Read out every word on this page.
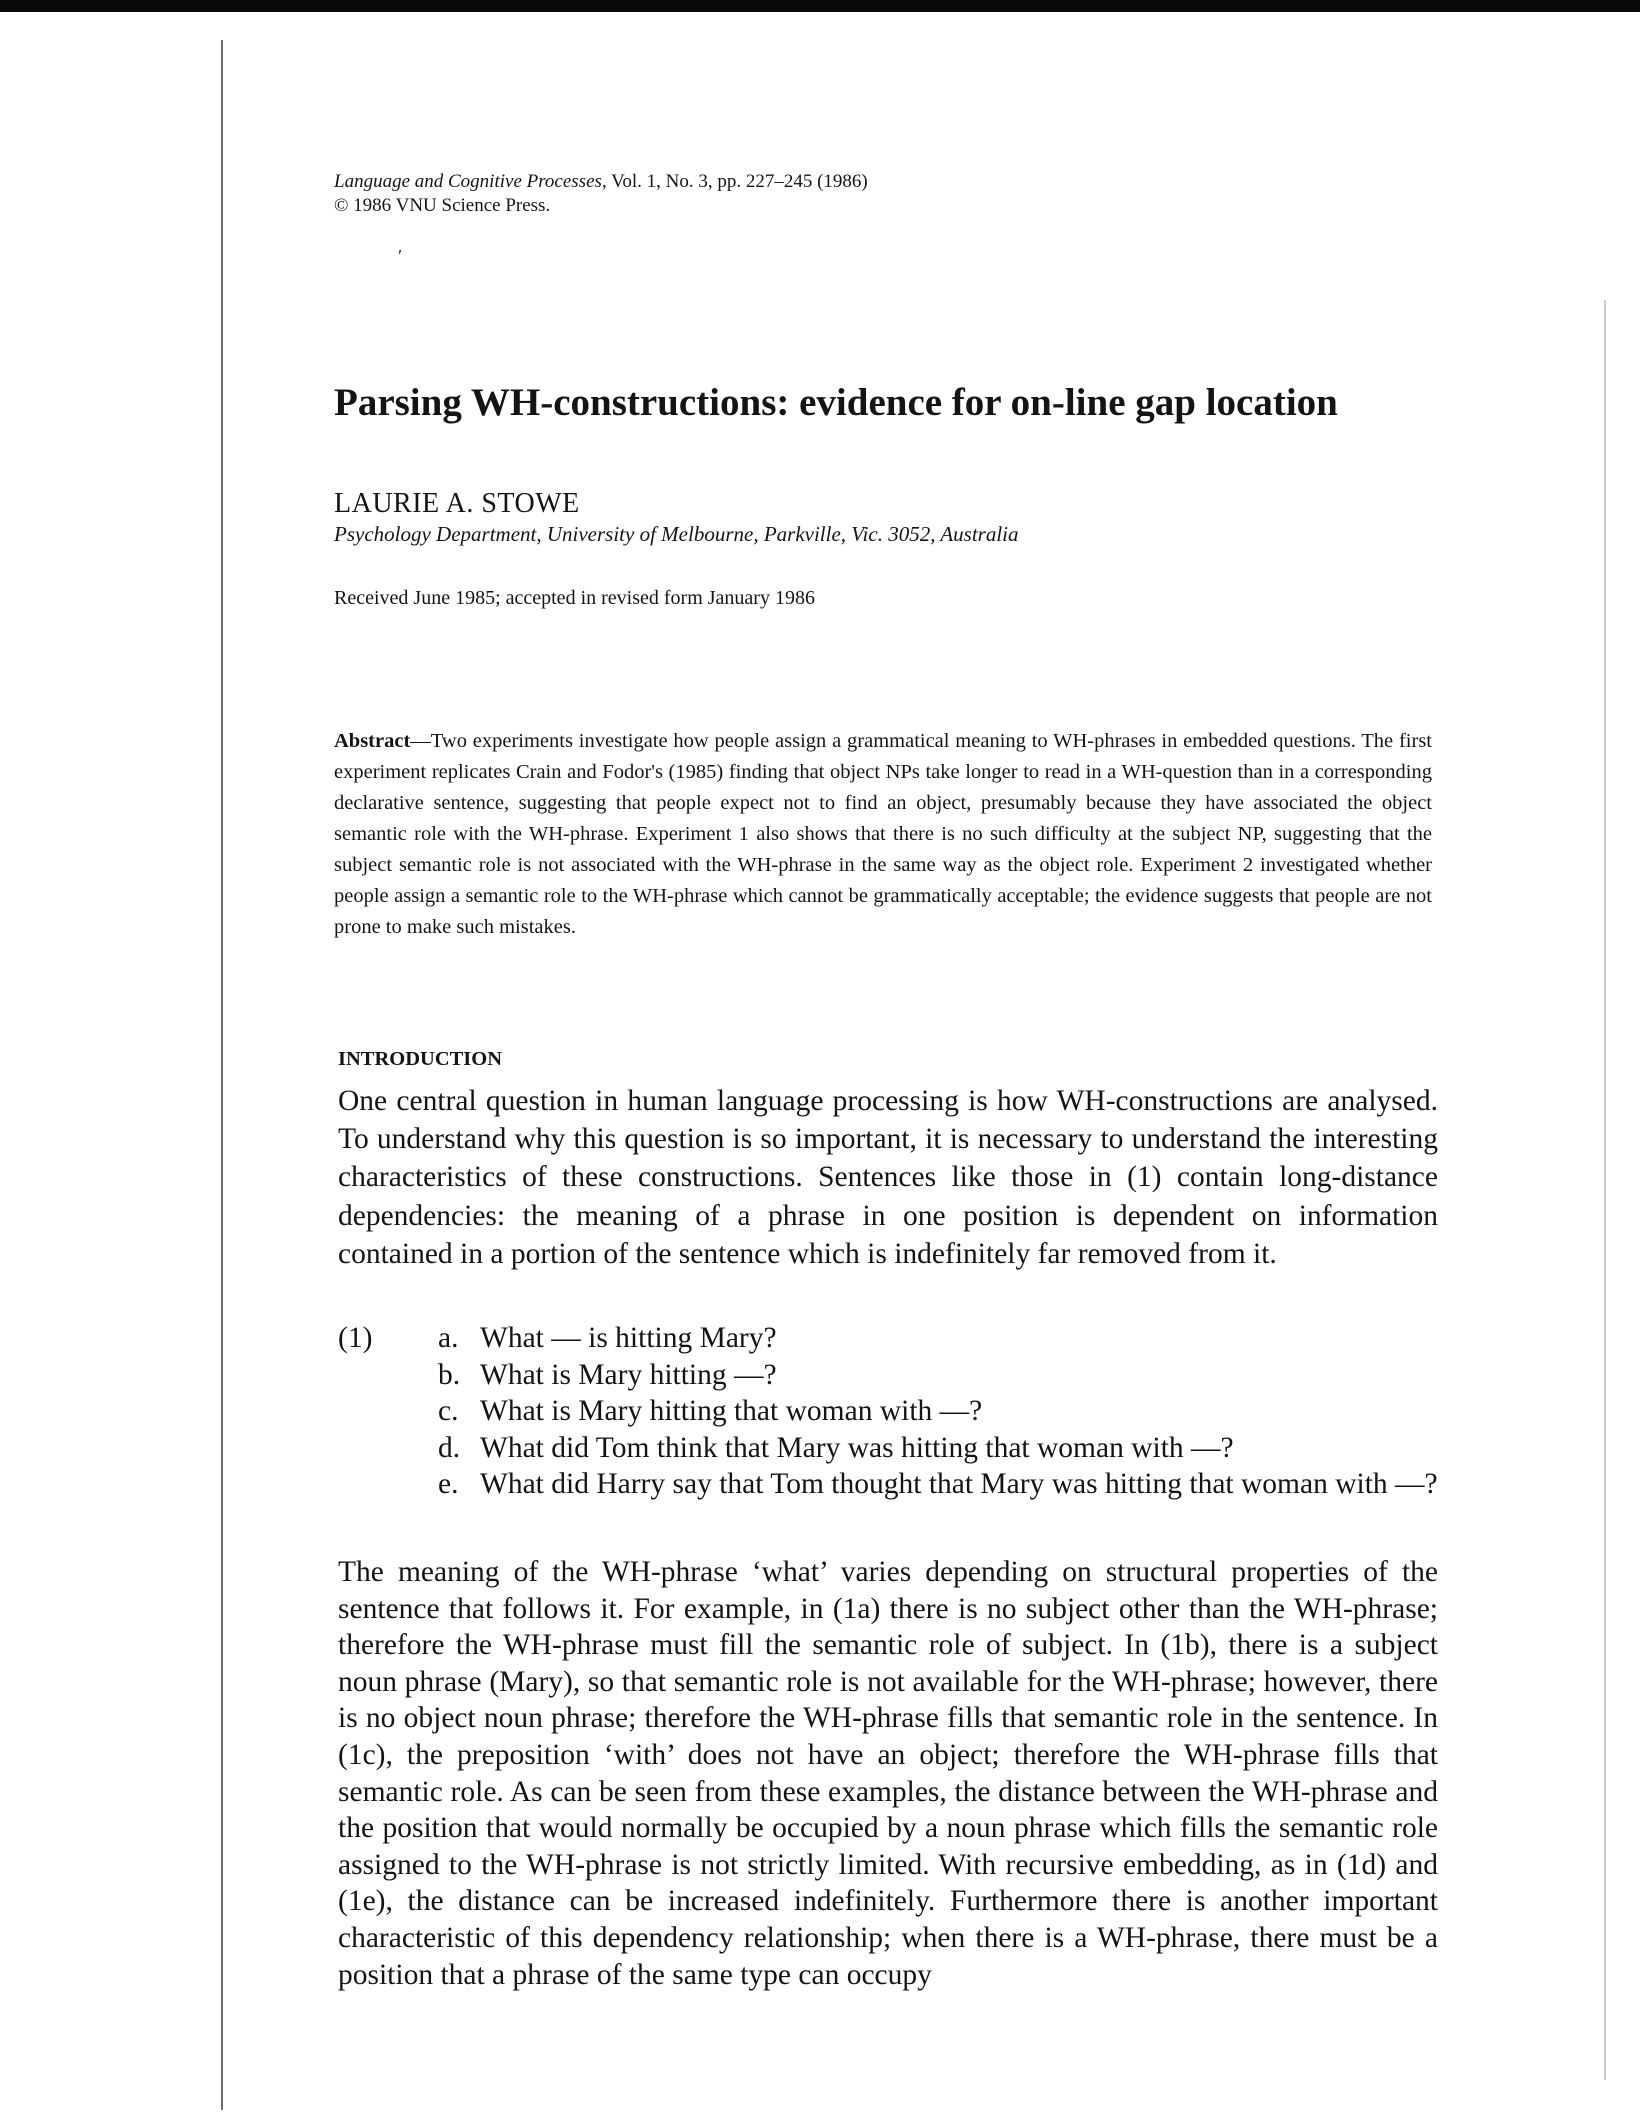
Language and Cognitive Processes, Vol. 1, No. 3, pp. 227–245 (1986)
© 1986 VNU Science Press.
'
Parsing WH-constructions: evidence for on-line gap location
LAURIE A. STOWE
Psychology Department, University of Melbourne, Parkville, Vic. 3052, Australia
Received June 1985; accepted in revised form January 1986

Abstract—Two experiments investigate how people assign a grammatical meaning to WH-phrases in embedded questions. The first experiment replicates Crain and Fodor's (1985) finding that object NPs take longer to read in a WH-question than in a corresponding declarative sentence, suggesting that people expect not to find an object, presumably because they have associated the object semantic role with the WH-phrase. Experiment 1 also shows that there is no such difficulty at the subject NP, suggesting that the subject semantic role is not associated with the WH-phrase in the same way as the object role. Experiment 2 investigated whether people assign a semantic role to the WH-phrase which cannot be grammatically acceptable; the evidence suggests that people are not prone to make such mistakes.

INTRODUCTION

One central question in human language processing is how WH-constructions are analysed. To understand why this question is so important, it is necessary to understand the interesting characteristics of these constructions. Sentences like those in (1) contain long-distance dependencies: the meaning of a phrase in one position is dependent on information contained in a portion of the sentence which is indefinitely far removed from it.

(1) a. What — is hitting Mary?
b. What is Mary hitting —?
c. What is Mary hitting that woman with —?
d. What did Tom think that Mary was hitting that woman with —?
e. What did Harry say that Tom thought that Mary was hitting that woman with —?

The meaning of the WH-phrase ‘what’ varies depending on structural properties of the sentence that follows it. For example, in (1a) there is no subject other than the WH-phrase; therefore the WH-phrase must fill the semantic role of subject. In (1b), there is a subject noun phrase (Mary), so that semantic role is not available for the WH-phrase; however, there is no object noun phrase; therefore the WH-phrase fills that semantic role in the sentence. In (1c), the preposition ‘with’ does not have an object; therefore the WH-phrase fills that semantic role. As can be seen from these examples, the distance between the WH-phrase and the position that would normally be occupied by a noun phrase which fills the semantic role assigned to the WH-phrase is not strictly limited. With recursive embedding, as in (1d) and (1e), the distance can be increased indefinitely. Furthermore there is another important characteristic of this dependency relationship; when there is a WH-phrase, there must be a position that a phrase of the same type can occupy
